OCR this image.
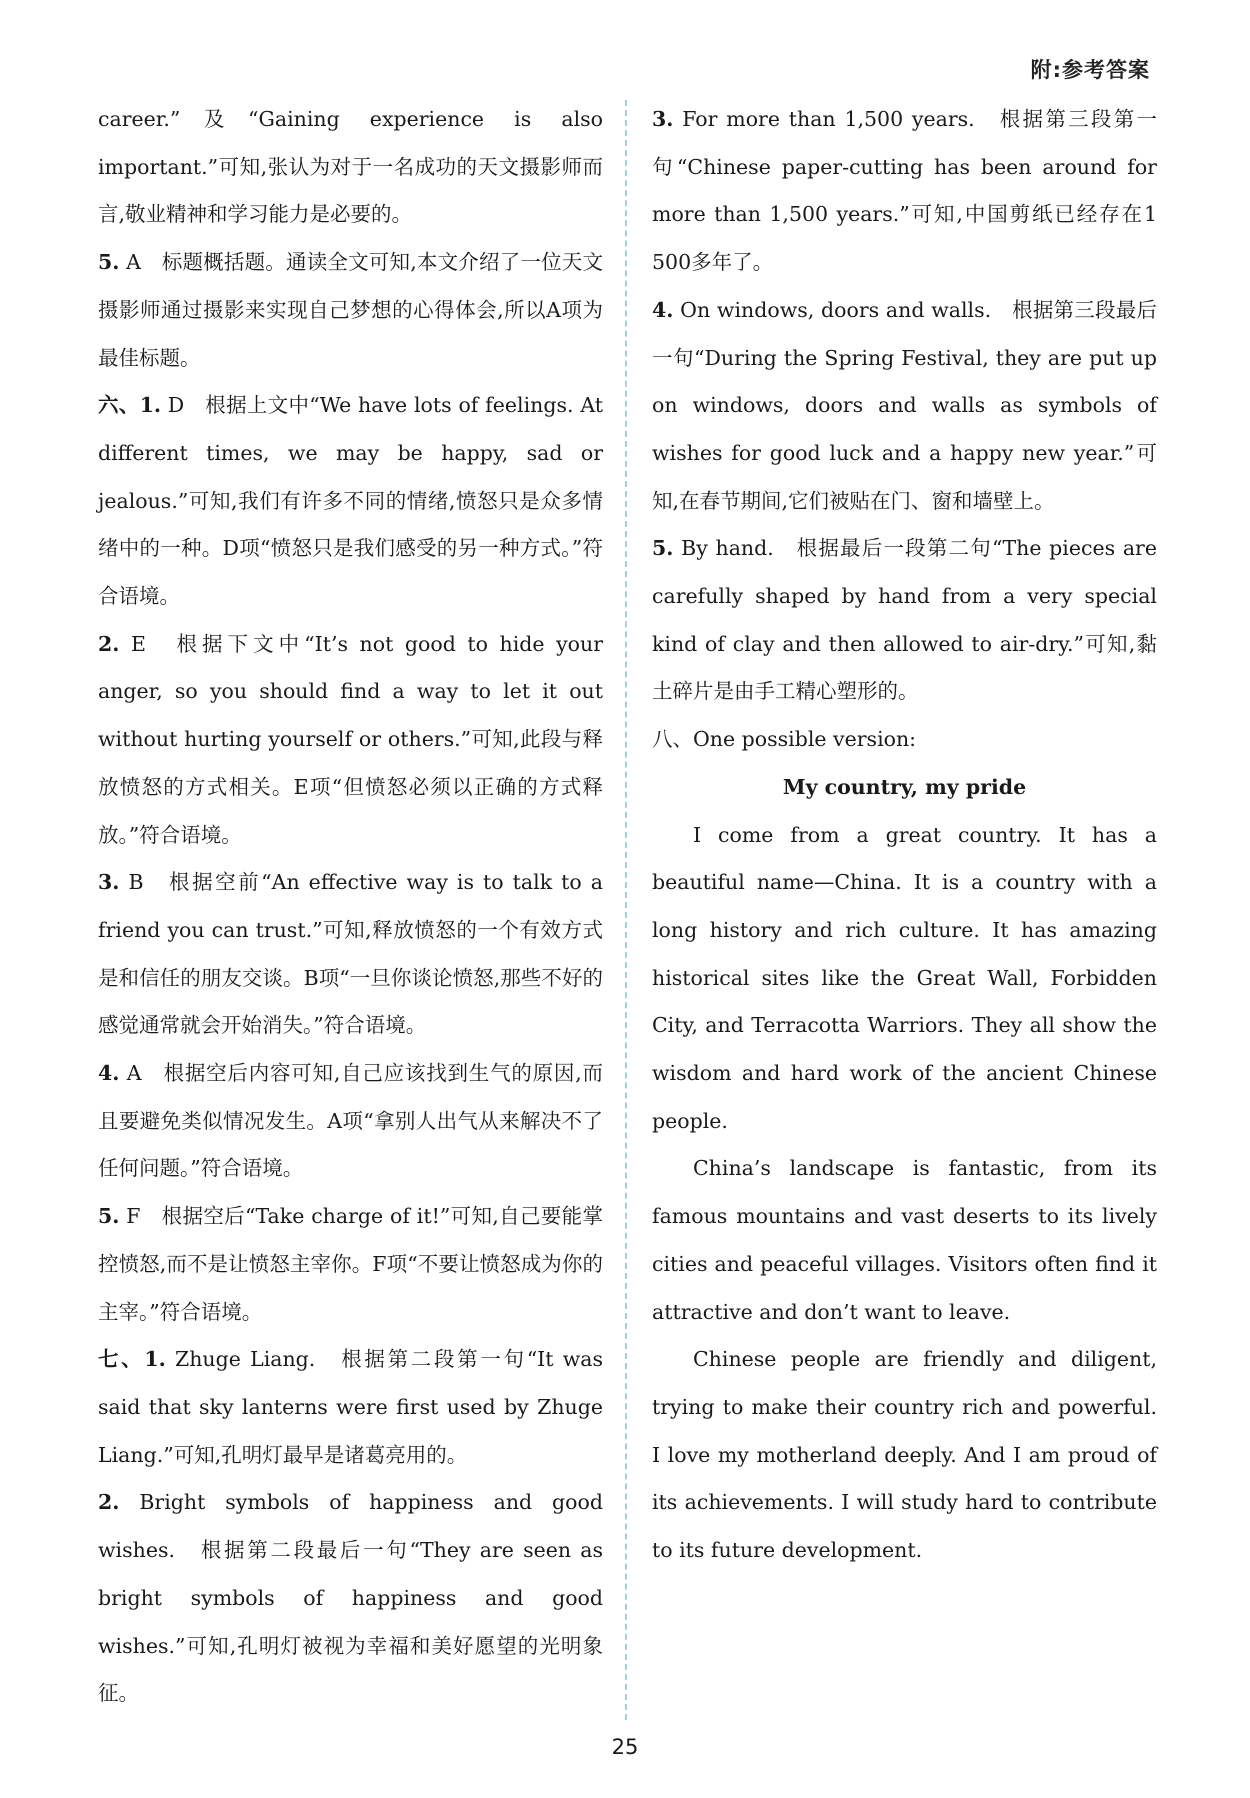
附:参考答案

career.”及“Gaining experience is also important.”可知,张认为对于一名成功的天文摄影师而言,敬业精神和学习能力是必要的。

5. A　标题概括题。通读全文可知,本文介绍了一位天文摄影师通过摄影来实现自己梦想的心得体会,所以A项为最佳标题。

六、1. D　根据上文中“We have lots of feelings. At different times, we may be happy, sad or jealous.”可知,我们有许多不同的情绪,愤怒只是众多情绪中的一种。D项“愤怒只是我们感受的另一种方式。”符合语境。

2. E　根据下文中“It’s not good to hide your anger, so you should find a way to let it out without hurting yourself or others.”可知,此段与释放愤怒的方式相关。E项“但愤怒必须以正确的方式释放。”符合语境。

3. B　根据空前“An effective way is to talk to a friend you can trust.”可知,释放愤怒的一个有效方式是和信任的朋友交谈。B项“一旦你谈论愤怒,那些不好的感觉通常就会开始消失。”符合语境。

4. A　根据空后内容可知,自己应该找到生气的原因,而且要避免类似情况发生。A项“拿别人出气从来解决不了任何问题。”符合语境。

5. F　根据空后“Take charge of it!”可知,自己要能掌控愤怒,而不是让愤怒主宰你。F项“不要让愤怒成为你的主宰。”符合语境。

七、1. Zhuge Liang.　根据第二段第一句“It was said that sky lanterns were first used by Zhuge Liang.”可知,孔明灯最早是诸葛亮用的。

2. Bright symbols of happiness and good wishes.　根据第二段最后一句“They are seen as bright symbols of happiness and good wishes.”可知,孔明灯被视为幸福和美好愿望的光明象征。

3. For more than 1,500 years.　根据第三段第一句“Chinese paper-cutting has been around for more than 1,500 years.”可知,中国剪纸已经存在1 500多年了。

4. On windows, doors and walls.　根据第三段最后一句“During the Spring Festival, they are put up on windows, doors and walls as symbols of wishes for good luck and a happy new year.”可知,在春节期间,它们被贴在门、窗和墙壁上。

5. By hand.　根据最后一段第二句“The pieces are carefully shaped by hand from a very special kind of clay and then allowed to air-dry.”可知,黏土碎片是由手工精心塑形的。

八、One possible version:

My country, my pride

I come from a great country. It has a beautiful name—China. It is a country with a long history and rich culture. It has amazing historical sites like the Great Wall, Forbidden City, and Terracotta Warriors. They all show the wisdom and hard work of the ancient Chinese people.

China’s landscape is fantastic, from its famous mountains and vast deserts to its lively cities and peaceful villages. Visitors often find it attractive and don’t want to leave.

Chinese people are friendly and diligent, trying to make their country rich and powerful. I love my motherland deeply. And I am proud of its achievements. I will study hard to contribute to its future development.

25
